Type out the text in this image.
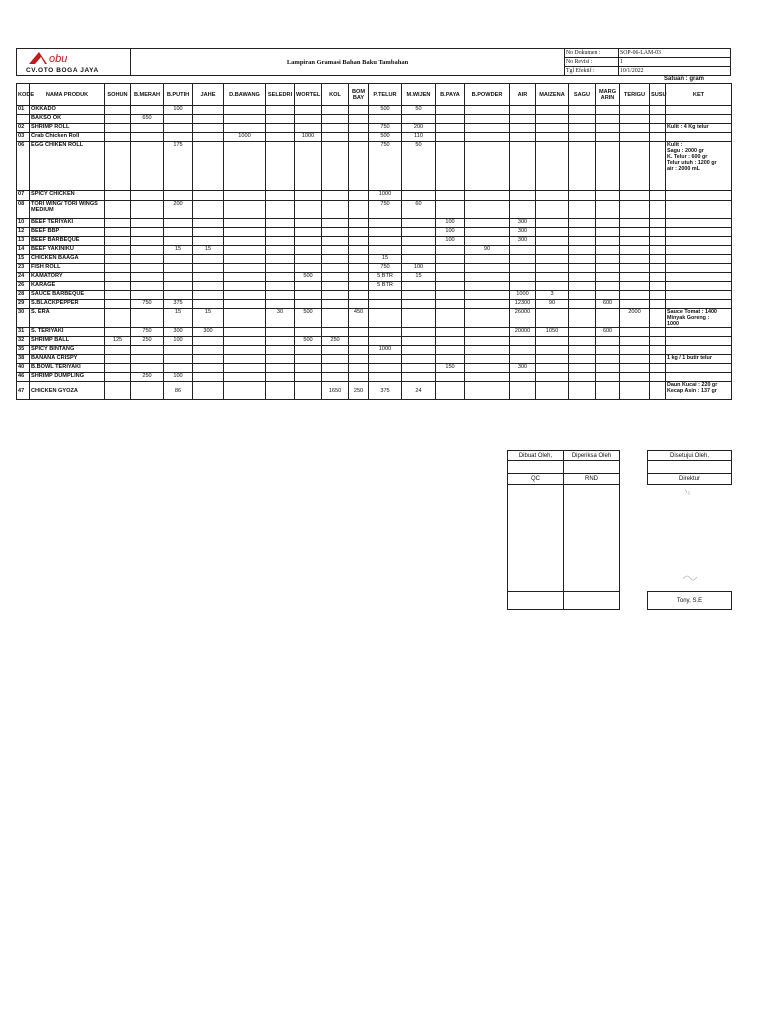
obu
CV.OTO BOGA JAYA	Lampiran Gramasi Bahan Baku Tambahan	No Dokumen :	SOP-06-LAM-03
		No Revisi :	1
		Tgl Efektif :	10/1/2022
Satuan : gram
KODE	NAMA PRODUK	SOHUN	B.MERAH	B.PUTIH	JAHE	D.BAWANG	SELEDRI	WORTEL	KOL	BOM BAY	P.TELUR	M.WIJEN	B.PAYA	B.POWDER	AIR	MAIZENA	SAGU	MARG ARIN	TERIGU	SUSU	KET
01	OKKADO			100							500	50									
	BAKSO OK		650																		
02	SHRIMP ROLL										750	200									Kulit : 4 Kg telur
03	Crab Chicken Roll					1000		1000			500	110									
06	EGG CHIKEN ROLL			175							750	50									Kulit :
Sagu : 2000 gr
K. Telur : 600 gr
Telur utuh : 1200 gr
air : 2000 mL
07	SPICY CHICKEN										1000										
08	TORI WING/ TORI WINGS MEDIUM			200							750	60									
10	BEEF TERIYAKI												100		300						
12	BEEF BBP												100		300						
13	BEEF BARBEQUE												100		300						
14	BEEF YAKINIKU			15	15									90							
15	CHICKEN BAAGA										15										
23	FISH ROLL										750	100									
24	KAMATORY							500			5 BTR	15									
26	KARAGE										5 BTR										
28	SAUCE BARBEQUE														1000	3					
29	S.BLACKPEPPER		750	375											12300	90		600			
30	S. ERA			15	15		30	500		450					26000				2000		Sauce Tomat : 1400
Minyak Goreng :
1000
31	S. TERIYAKI		750	300	300										20000	1050		600			
32	SHRIMP BALL	125	250	100				500	250												
35	SPICY BINTANG										1000										
38	BANANA CRISPY																				1 kg / 1 butir telur
40	B.BOWL TERIYAKI												150		300						
46	SHRIMP DUMPLING		250	100																	
47	CHICKEN GYOZA			86					1650	250	375	24									Daun Kucai : 220 gr
Kecap Asin : 137 gr
Dibuat Oleh,	Diperiksa Oleh

QC	RND

Disetujui Oleh,

Direktur

Tony, S.E
